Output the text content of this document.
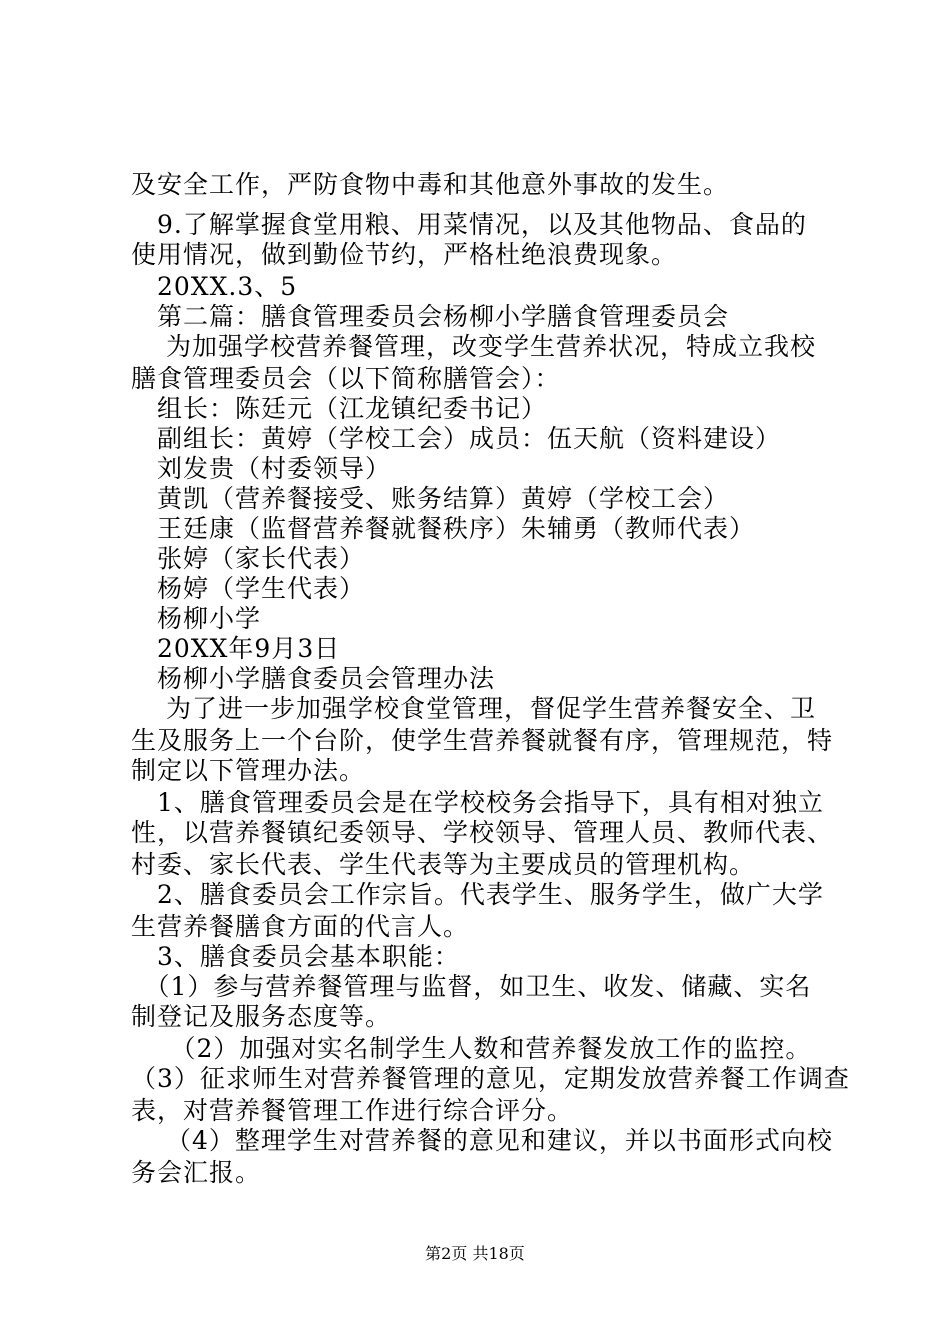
及安全工作，严防食物中毒和其他意外事故的发生。
　9.了解掌握食堂用粮、用菜情况，以及其他物品、食品的
使用情况，做到勤俭节约，严格杜绝浪费现象。
　20XX.3、5
　第二篇：膳食管理委员会杨柳小学膳食管理委员会
　 为加强学校营养餐管理，改变学生营养状况，特成立我校
膳食管理委员会（以下简称膳管会）：
　组长：陈廷元（江龙镇纪委书记）
　副组长：黄婷（学校工会）成员：伍天航（资料建设）
　刘发贵（村委领导）
　黄凯（营养餐接受、账务结算）黄婷（学校工会）
　王廷康（监督营养餐就餐秩序）朱辅勇（教师代表）
　张婷（家长代表）
　杨婷（学生代表）
　杨柳小学
　20XX年9月3日
　杨柳小学膳食委员会管理办法
　 为了进一步加强学校食堂管理，督促学生营养餐安全、卫
生及服务上一个台阶，使学生营养餐就餐有序，管理规范，特
制定以下管理办法。
　1、膳食管理委员会是在学校校务会指导下，具有相对独立
性，以营养餐镇纪委领导、学校领导、管理人员、教师代表、
村委、家长代表、学生代表等为主要成员的管理机构。
　2、膳食委员会工作宗旨。代表学生、服务学生，做广大学
生营养餐膳食方面的代言人。
　3、膳食委员会基本职能：
　（1）参与营养餐管理与监督，如卫生、收发、储藏、实名
制登记及服务态度等。
　　（2）加强对实名制学生人数和营养餐发放工作的监控。
（3）征求师生对营养餐管理的意见，定期发放营养餐工作调查
表，对营养餐管理工作进行综合评分。
　 （4）整理学生对营养餐的意见和建议，并以书面形式向校
务会汇报。
第2页 共18页
